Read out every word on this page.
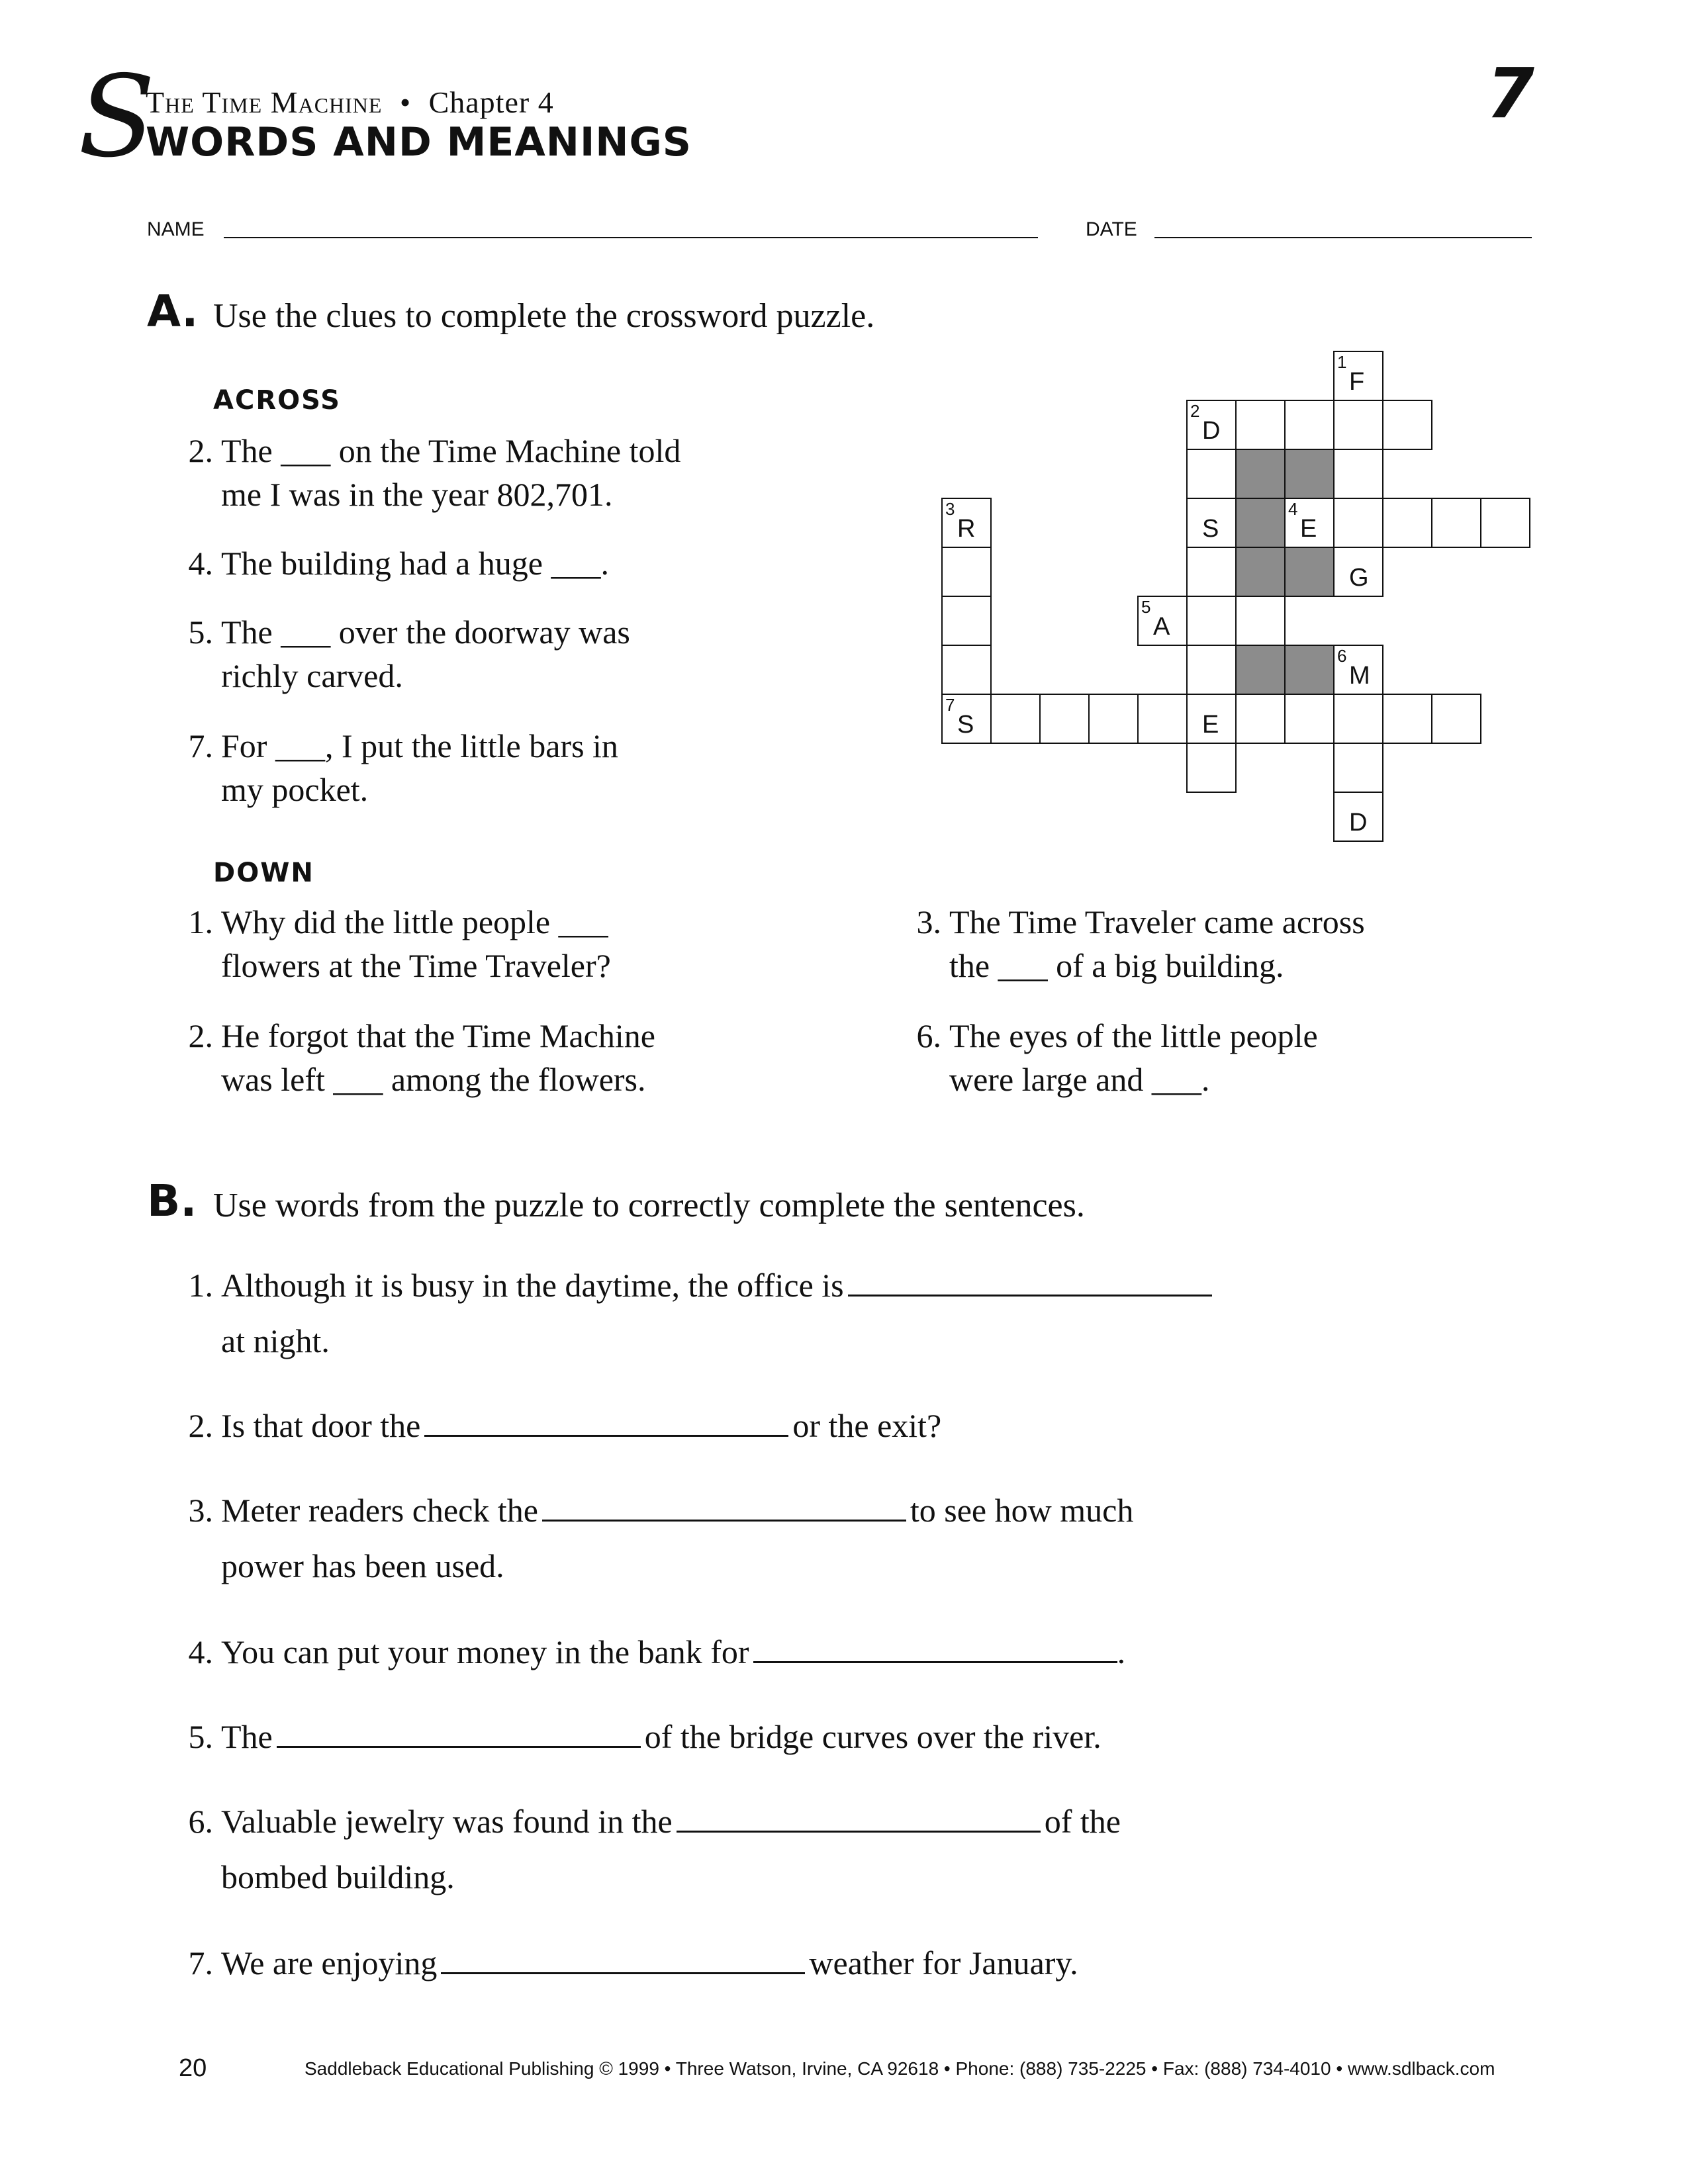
S
The Time Machine • Chapter 4
WORDS AND MEANINGS
7
NAME	DATE
A. Use the clues to complete the crossword puzzle.
ACROSS
2. The ___ on the Time Machine told
me I was in the year 802,701.
4. The building had a huge ___.
5. The ___ over the doorway was
richly carved.
7. For ___, I put the little bars in
my pocket.
DOWN
1. Why did the little people ___
flowers at the Time Traveler?
2. He forgot that the Time Machine
was left ___ among the flowers.
3. The Time Traveler came across
the ___ of a big building.
6. The eyes of the little people
were large and ___.
1
F
2
D
3
R	S
4
E
G
5
A
6
M
7
S	E
D
B. Use words from the puzzle to correctly complete the sentences.
1. Although it is busy in the daytime, the office is
at night.
2. Is that door the	or the exit?
3. Meter readers check the	to see how much
power has been used.
4. You can put your money in the bank for	.
5. The	of the bridge curves over the river.
6. Valuable jewelry was found in the	of the
bombed building.
7. We are enjoying	weather for January.
20	Saddleback Educational Publishing © 1999 • Three Watson, Irvine, CA 92618 • Phone: (888) 735-2225 • Fax: (888) 734-4010 • www.sdlback.com
